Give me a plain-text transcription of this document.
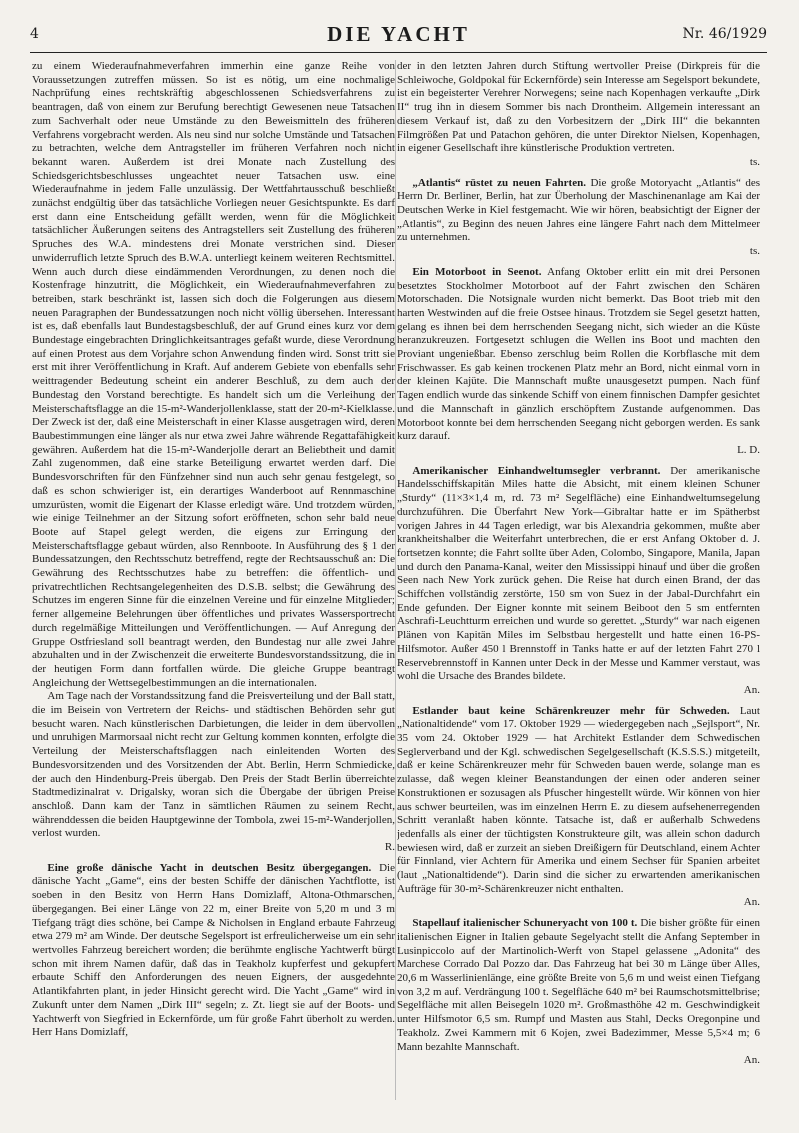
4	DIE YACHT	Nr. 46/1929

zu einem Wiederaufnahmeverfahren immerhin eine ganze Reihe von Voraussetzungen zutreffen müssen. So ist es nötig, um eine nochmalige Nachprüfung eines rechtskräftig abgeschlossenen Schiedsverfahrens zu beantragen, daß von einem zur Berufung berechtigt Gewesenen neue Tatsachen zum Sachverhalt oder neue Umstände zu den Beweismitteln des früheren Verfahrens vorgebracht werden. Als neu sind nur solche Umstände und Tatsachen zu betrachten, welche dem Antragsteller im früheren Verfahren noch nicht bekannt waren. Außerdem ist drei Monate nach Zustellung des Schiedsgerichtsbeschlusses ungeachtet neuer Tatsachen usw. eine Wiederaufnahme in jedem Falle unzulässig. Der Wettfahrtausschuß beschließt zunächst endgültig über das tatsächliche Vorliegen neuer Gesichtspunkte. Es darf erst dann eine Entscheidung gefällt werden, wenn für die Möglichkeit tatsächlicher Äußerungen seitens des Antragstellers seit Zustellung des früheren Spruches des W.A. mindestens drei Monate verstrichen sind. Dieser unwiderruflich letzte Spruch des B.W.A. unterliegt keinem weiteren Rechtsmittel. Wenn auch durch diese eindämmenden Verordnungen, zu denen noch die Kostenfrage hinzutritt, die Möglichkeit, ein Wiederaufnahmeverfahren zu betreiben, stark beschränkt ist, lassen sich doch die Folgerungen aus diesem neuen Paragraphen der Bundessatzungen noch nicht völlig übersehen. Interessant ist es, daß ebenfalls laut Bundestagsbeschluß, der auf Grund eines kurz vor dem Bundestage eingebrachten Dringlichkeitsantrages gefaßt wurde, diese Verordnung auf einen Protest aus dem Vorjahre schon Anwendung finden wird. Sonst tritt sie erst mit ihrer Veröffentlichung in Kraft. Auf anderem Gebiete von ebenfalls sehr weittragender Bedeutung scheint ein anderer Beschluß, zu dem auch der Bundestag den Vorstand berechtigte. Es handelt sich um die Verleihung der Meisterschaftsflagge an die 15-m²-Wanderjollenklasse, statt der 20-m²-Kielklasse. Der Zweck ist der, daß eine Meisterschaft in einer Klasse ausgetragen wird, deren Baubestimmungen eine länger als nur etwa zwei Jahre währende Regattafähigkeit gewähren. Außerdem hat die 15-m²-Wanderjolle derart an Beliebtheit und damit Zahl zugenommen, daß eine starke Beteiligung erwartet werden darf. Die Bundesvorschriften für den Fünfzehner sind nun auch sehr genau festgelegt, so daß es schon schwieriger ist, ein derartiges Wanderboot auf Rennmaschine umzurüsten, womit die Eigenart der Klasse erledigt wäre. Und trotzdem würden, wie einige Teilnehmer an der Sitzung sofort eröffneten, schon sehr bald neue Boote auf Stapel gelegt werden, die eigens zur Erringung der Meisterschaftsflagge gebaut würden, also Rennboote. In Ausführung des § 1 der Bundessatzungen, den Rechtsschutz betreffend, regte der Rechtsausschuß an: Die Gewährung des Rechtsschutzes habe zu betreffen: die öffentlich- und privatrechtlichen Rechtsangelegenheiten des D.S.B. selbst; die Gewährung des Schutzes im engeren Sinne für die einzelnen Vereine und für einzelne Mitglieder; ferner allgemeine Belehrungen über öffentliches und privates Wassersportrecht durch regelmäßige Mitteilungen und Veröffentlichungen. — Auf Anregung der Gruppe Ostfriesland soll beantragt werden, den Bundestag nur alle zwei Jahre abzuhalten und in der Zwischenzeit die erweiterte Bundesvorstandssitzung, die in der heutigen Form dann fortfallen würde. Die gleiche Gruppe beantragt Angleichung der Wettsegelbestimmungen an die internationalen.

Am Tage nach der Vorstandssitzung fand die Preisverteilung und der Ball statt, die im Beisein von Vertretern der Reichs- und städtischen Behörden sehr gut besucht waren. Nach künstlerischen Darbietungen, die leider in dem übervollen und unruhigen Marmorsaal nicht recht zur Geltung kommen konnten, erfolgte die Verteilung der Meisterschaftsflaggen nach einleitenden Worten des Bundesvorsitzenden und des Vorsitzenden der Abt. Berlin, Herrn Schmiedicke, der auch den Hindenburg-Preis übergab. Den Preis der Stadt Berlin überreichte Stadtmedizinalrat v. Drigalsky, woran sich die Übergabe der übrigen Preise anschloß. Dann kam der Tanz in sämtlichen Räumen zu seinem Recht, währenddessen die beiden Hauptgewinne der Tombola, zwei 15-m²-Wanderjollen, verlost wurden.

R.

Eine große dänische Yacht in deutschen Besitz übergegangen. Die dänische Yacht „Game“, eins der besten Schiffe der dänischen Yachtflotte, ist soeben in den Besitz von Herrn Hans Domizlaff, Altona-Othmarschen, übergegangen. Bei einer Länge von 22 m, einer Breite von 5,20 m und 3 m Tiefgang trägt dies schöne, bei Campe & Nicholsen in England erbaute Fahrzeug etwa 279 m² am Winde. Der deutsche Segelsport ist erfreulicherweise um ein sehr wertvolles Fahrzeug bereichert worden; die berühmte englische Yachtwerft bürgt schon mit ihrem Namen dafür, daß das in Teakholz kupferfest und gekupfert erbaute Schiff den Anforderungen des neuen Eigners, der ausgedehnte Atlantikfahrten plant, in jeder Hinsicht gerecht wird. Die Yacht „Game“ wird in Zukunft unter dem Namen „Dirk III“ segeln; z. Zt. liegt sie auf der Boots- und Yachtwerft von Siegfried in Eckernförde, um für große Fahrt überholt zu werden. Herr Hans Domizlaff,

der in den letzten Jahren durch Stiftung wertvoller Preise (Dirkpreis für die Schleiwoche, Goldpokal für Eckernförde) sein Interesse am Segelsport bekundete, ist ein begeisterter Verehrer Norwegens; seine nach Kopenhagen verkaufte „Dirk II“ trug ihn in diesem Sommer bis nach Drontheim. Allgemein interessant an diesem Verkauf ist, daß zu den Vorbesitzern der „Dirk III“ die bekannten Filmgrößen Pat und Patachon gehören, die unter Direktor Nielsen, Kopenhagen, in eigener Gesellschaft ihre künstlerische Produktion vertreten.

ts.

„Atlantis“ rüstet zu neuen Fahrten. Die große Motoryacht „Atlantis“ des Herrn Dr. Berliner, Berlin, hat zur Überholung der Maschinenanlage am Kai der Deutschen Werke in Kiel festgemacht. Wie wir hören, beabsichtigt der Eigner der „Atlantis“, zu Beginn des neuen Jahres eine längere Fahrt nach dem Mittelmeer zu unternehmen.

ts.

Ein Motorboot in Seenot. Anfang Oktober erlitt ein mit drei Personen besetztes Stockholmer Motorboot auf der Fahrt zwischen den Schären Motorschaden. Die Notsignale wurden nicht bemerkt. Das Boot trieb mit den harten Westwinden auf die freie Ostsee hinaus. Trotzdem sie Segel gesetzt hatten, gelang es ihnen bei dem herrschenden Seegang nicht, sich wieder an die Küste heranzukreuzen. Fortgesetzt schlugen die Wellen ins Boot und machten den Proviant ungenießbar. Ebenso zerschlug beim Rollen die Korbflasche mit dem Frischwasser. Es gab keinen trockenen Platz mehr an Bord, nicht einmal vorn in der kleinen Kajüte. Die Mannschaft mußte unausgesetzt pumpen. Nach fünf Tagen endlich wurde das sinkende Schiff von einem finnischen Dampfer gesichtet und die Mannschaft in gänzlich erschöpftem Zustande aufgenommen. Das Motorboot konnte bei dem herrschenden Seegang nicht geborgen werden. Es sank kurz darauf.

L. D.

Amerikanischer Einhandweltumsegler verbrannt. Der amerikanische Handelsschiffskapitän Miles hatte die Absicht, mit einem kleinen Schuner „Sturdy“ (11×3×1,4 m, rd. 73 m² Segelfläche) eine Einhandweltumsegelung durchzuführen. Die Überfahrt New York—Gibraltar hatte er im Spätherbst vorigen Jahres in 44 Tagen erledigt, war bis Alexandria gekommen, mußte aber krankheitshalber die Weiterfahrt unterbrechen, die er erst Anfang Oktober d. J. fortsetzen konnte; die Fahrt sollte über Aden, Colombo, Singapore, Manila, Japan und durch den Panama-Kanal, weiter den Mississippi hinauf und über die großen Seen nach New York zurück gehen. Die Reise hat durch einen Brand, der das Schiffchen vollständig zerstörte, 150 sm von Suez in der Jabal-Durchfahrt ein Ende gefunden. Der Eigner konnte mit seinem Beiboot den 5 sm entfernten Aschrafi-Leuchtturm erreichen und wurde so gerettet. „Sturdy“ war nach eigenen Plänen von Kapitän Miles im Selbstbau hergestellt und hatte einen 16-PS-Hilfsmotor. Außer 450 l Brennstoff in Tanks hatte er auf der letzten Fahrt 270 l Reservebrennstoff in Kannen unter Deck in der Messe und Kammer verstaut, was wohl die Ursache des Brandes bildete.

An.

Estlander baut keine Schärenkreuzer mehr für Schweden. Laut „Nationaltidende“ vom 17. Oktober 1929 — wiedergegeben nach „Sejlsport“, Nr. 35 vom 24. Oktober 1929 — hat Architekt Estlander dem Schwedischen Seglerverband und der Kgl. schwedischen Segelgesellschaft (K.S.S.S.) mitgeteilt, daß er keine Schärenkreuzer mehr für Schweden bauen werde, solange man es zulasse, daß wegen kleiner Beanstandungen der einen oder anderen seiner Konstruktionen er sozusagen als Pfuscher hingestellt würde. Wir können von hier aus schwer beurteilen, was im einzelnen Herrn E. zu diesem aufsehenerregenden Schritt veranlaßt haben könnte. Tatsache ist, daß er außerhalb Schwedens jedenfalls als einer der tüchtigsten Konstrukteure gilt, was allein schon dadurch bewiesen wird, daß er zurzeit an sieben Dreißigern für Deutschland, einem Achter für Finnland, vier Achtern für Amerika und einem Sechser für Spanien arbeitet (laut „Nationaltidende“). Darin sind die sicher zu erwartenden amerikanischen Aufträge für 30-m²-Schärenkreuzer nicht enthalten.

An.

Stapellauf italienischer Schuneryacht von 100 t. Die bisher größte für einen italienischen Eigner in Italien gebaute Segelyacht stellt die Anfang September in Lusinpiccolo auf der Martinolich-Werft von Stapel gelassene „Adonita“ des Marchese Corrado Dal Pozzo dar. Das Fahrzeug hat bei 30 m Länge über Alles, 20,6 m Wasserlinienlänge, eine größte Breite von 5,6 m und weist einen Tiefgang von 3,2 m auf. Verdrängung 100 t. Segelfläche 640 m² bei Raumschotsmittelbrise; Segelfläche mit allen Beisegeln 1020 m². Großmasthöhe 42 m. Geschwindigkeit unter Hilfsmotor 6,5 sm. Rumpf und Masten aus Stahl, Decks Oregonpine und Teakholz. Zwei Kammern mit 6 Kojen, zwei Badezimmer, Messe 5,5×4 m; 6 Mann bezahlte Mannschaft.

An.
